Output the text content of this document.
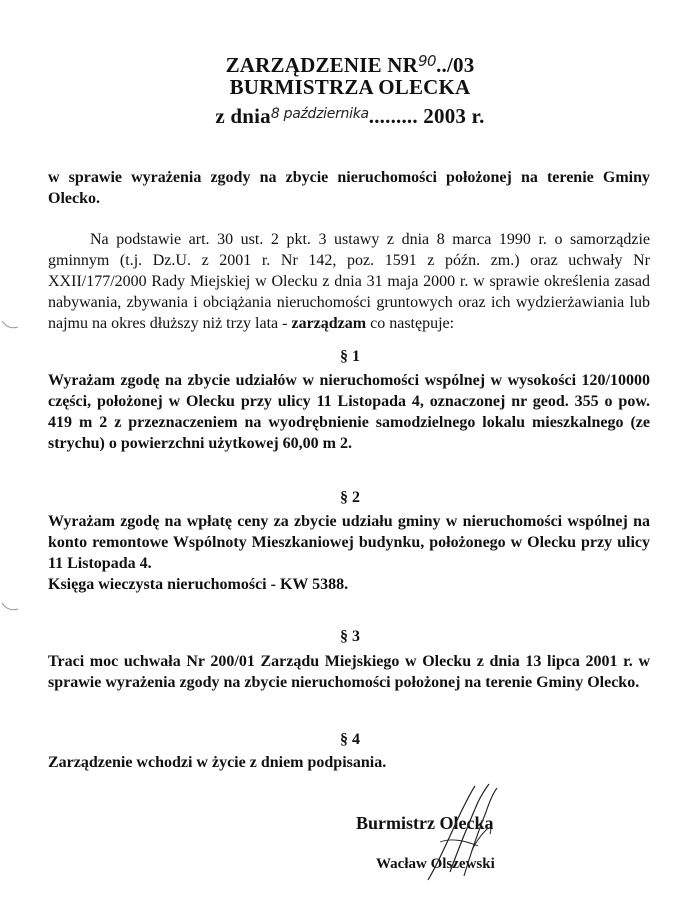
ZARZĄDZENIE NR$^{90}$../03
BURMISTRZA OLECKA
z dnia$^{8 października}$......... 2003 r.
w sprawie wyrażenia zgody na zbycie nieruchomości położonej na terenie Gminy Olecko.
Na podstawie art. 30 ust. 2 pkt. 3 ustawy z dnia 8 marca 1990 r. o samorządzie gminnym (t.j. Dz.U. z 2001 r. Nr 142, poz. 1591 z późn. zm.) oraz uchwały Nr XXII/177/2000 Rady Miejskiej w Olecku z dnia 31 maja 2000 r. w sprawie określenia zasad nabywania, zbywania i obciążania nieruchomości gruntowych oraz ich wydzierżawiania lub najmu na okres dłuższy niż trzy lata - zarządzam co następuje:
§ 1
Wyrażam zgodę na zbycie udziałów w nieruchomości wspólnej w wysokości 120/10000 części, położonej w Olecku przy ulicy 11 Listopada 4, oznaczonej nr geod. 355 o pow. 419 m 2 z przeznaczeniem na wyodrębnienie samodzielnego lokalu mieszkalnego (ze strychu) o powierzchni użytkowej 60,00 m 2.
§ 2
Wyrażam zgodę na wpłatę ceny za zbycie udziału gminy w nieruchomości wspólnej na konto remontowe Wspólnoty Mieszkaniowej budynku, położonego w Olecku przy ulicy 11 Listopada 4.
Księga wieczysta nieruchomości - KW 5388.
§ 3
Traci moc uchwała Nr 200/01 Zarządu Miejskiego w Olecku z dnia 13 lipca 2001 r. w sprawie wyrażenia zgody na zbycie nieruchomości położonej na terenie Gminy Olecko.
§ 4
Zarządzenie wchodzi w życie z dniem podpisania.
Burmistrz Olecka
Wacław Olszewski
